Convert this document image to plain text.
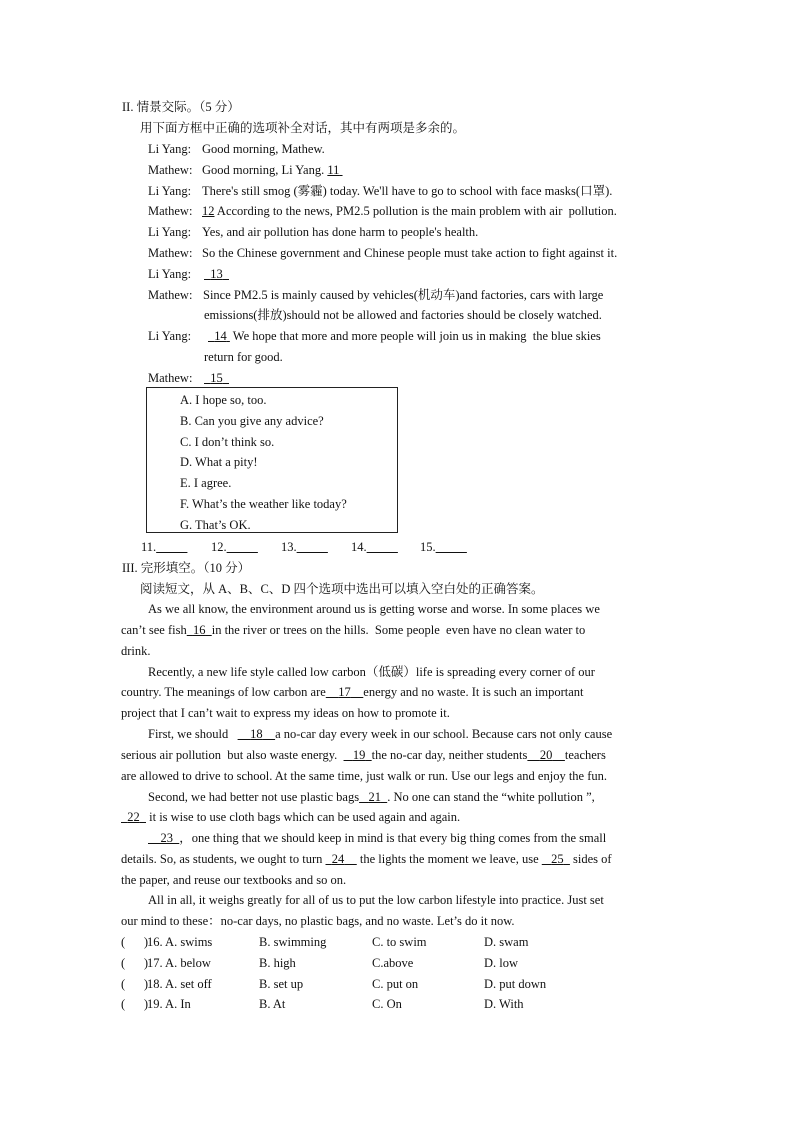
II. 情景交际。（5 分）
用下面方框中正确的选项补全对话，其中有两项是多余的。
Li Yang: Good morning, Mathew.
Mathew: Good morning, Li Yang. 11
Li Yang: There's still smog (雾霾) today. We'll have to go to school with face masks(口罩).
Mathew: 12 According to the news, PM2.5 pollution is the main problem with air  pollution.
Li Yang: Yes, and air pollution has done harm to people's health.
Mathew: So the Chinese government and Chinese people must take action to fight against it.
Li Yang:	13
Mathew: Since PM2.5 is mainly caused by vehicles(机动车)and factories, cars with large
emissions(排放)should not be allowed and factories should be closely watched.
Li Yang:	14  We hope that more and more people will join us in making  the blue skies
return for good.
Mathew:	15
A. I hope so, too.
B. Can you give any advice?
C. I don’t think so.
D. What a pity!
E. I agree.
F. What’s the weather like today?
G. That’s OK.
11.	12.	13.	14.	15.
III. 完形填空。（10 分）
阅读短文，从 A、B、C、D 四个选项中选出可以填入空白处的正确答案。
As we all know, the environment around us is getting worse and worse. In some places we
can’t see fish 16 in the river or trees on the hills.  Some people  even have no clean water to
drink.
Recently, a new life style called low carbon（低碳）life is spreading every corner of our
country. The meanings of low carbon are 17 energy and no waste. It is such an important
project that I can’t wait to express my ideas on how to promote it.
First, we should 18 a no-car day every week in our school. Because cars not only cause
serious air pollution  but also waste energy. 19 the no-car day, neither students 20 teachers
are allowed to drive to school. At the same time, just walk or run. Use our legs and enjoy the fun.
Second, we had better not use plastic bags 21 . No one can stand the “white pollution ”,
22   it is wise to use cloth bags which can be used again and again.
23 ，one thing that we should keep in mind is that every big thing comes from the small
details. So, as students, we ought to turn 24 the lights the moment we leave, use 25 sides of
the paper, and reuse our textbooks and so on.
All in all, it weighs greatly for all of us to put the low carbon lifestyle into practice. Just set
our mind to these：no-car days, no plastic bags, and no waste. Let’s do it now.
(      )
16. A. swims	B. swimming	C. to swim	D. swam
(      )
17. A. below	B. high	C.above	D. low
(      )
18. A. set off	B. set up	C. put on	D. put down
(      )
19. A. In	B. At	C. On	D. With
